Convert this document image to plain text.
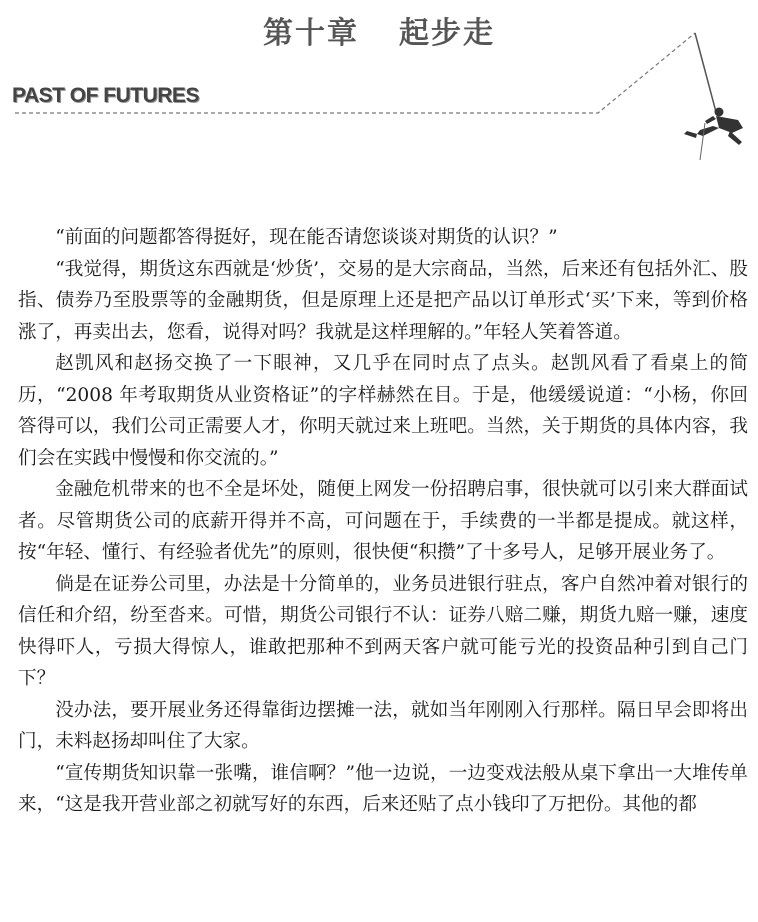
第十章 起步走
PAST OF FUTURES

“前面的问题都答得挺好，现在能否请您谈谈对期货的认识？”

“我觉得，期货这东西就是‘炒货’，交易的是大宗商品，当然，后来还有包括外汇、股指、债券乃至股票等的金融期货，但是原理上还是把产品以订单形式‘买’下来，等到价格涨了，再卖出去，您看，说得对吗？我就是这样理解的。”年轻人笑着答道。

赵凯风和赵扬交换了一下眼神，又几乎在同时点了点头。赵凯风看了看桌上的简历，“2008 年考取期货从业资格证”的字样赫然在目。于是，他缓缓说道：“小杨，你回答得可以，我们公司正需要人才，你明天就过来上班吧。当然，关于期货的具体内容，我们会在实践中慢慢和你交流的。”

金融危机带来的也不全是坏处，随便上网发一份招聘启事，很快就可以引来大群面试者。尽管期货公司的底薪开得并不高，可问题在于，手续费的一半都是提成。就这样，按“年轻、懂行、有经验者优先”的原则，很快便“积攒”了十多号人，足够开展业务了。

倘是在证券公司里，办法是十分简单的，业务员进银行驻点，客户自然冲着对银行的信任和介绍，纷至沓来。可惜，期货公司银行不认：证券八赔二赚，期货九赔一赚，速度快得吓人，亏损大得惊人，谁敢把那种不到两天客户就可能亏光的投资品种引到自己门下？

没办法，要开展业务还得靠街边摆摊一法，就如当年刚刚入行那样。隔日早会即将出门，未料赵扬却叫住了大家。

“宣传期货知识靠一张嘴，谁信啊？”他一边说，一边变戏法般从桌下拿出一大堆传单来，“这是我开营业部之初就写好的东西，后来还贴了点小钱印了万把份。其他的都
